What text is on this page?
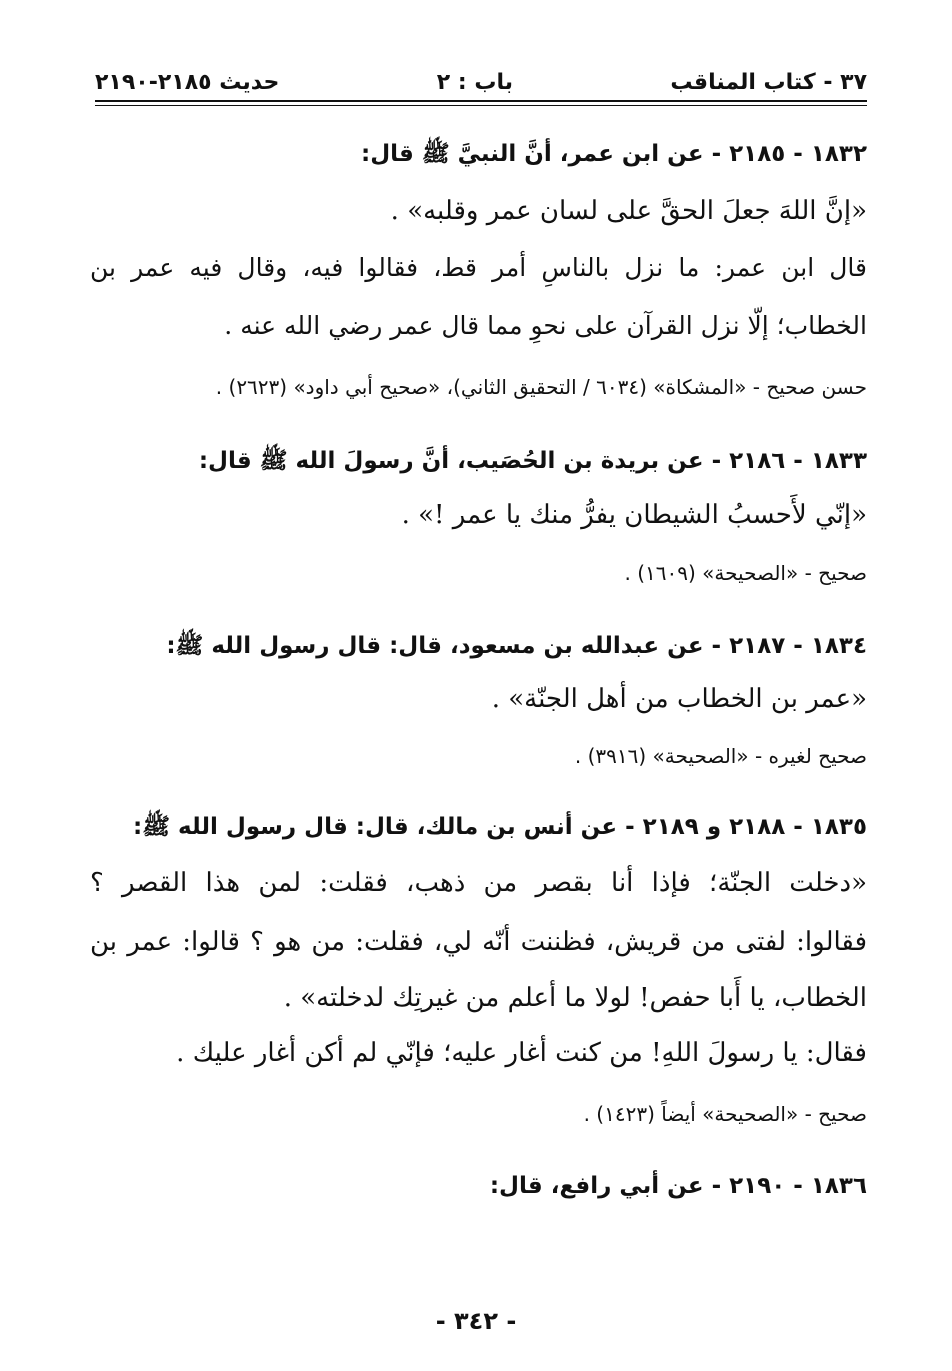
٣٧ - كتاب المناقب
باب : ٢
حديث ٢١٨٥-٢١٩٠
١٨٣٢ - ٢١٨٥ - عن ابن عمر، أنَّ النبيَّ ﷺ قال:
«إنَّ اللهَ جعلَ الحقَّ على لسان عمر وقلبه» .
قال ابن عمر: ما نزل بالناسِ أمر قط، فقالوا فيه، وقال فيه عمر بن
الخطاب؛ إلّا نزل القرآن على نحوِ مما قال عمر رضي الله عنه .
حسن صحيح - «المشكاة» (٦٠٣٤ / التحقيق الثاني)، «صحيح أبي داود» (٢٦٢٣) .
١٨٣٣ - ٢١٨٦ - عن بريدة بن الحُصَيب، أنَّ رسولَ الله ﷺ قال:
«إنّي لأَحسبُ الشيطان يفرُّ منك يا عمر !» .
صحيح - «الصحيحة» (١٦٠٩) .
١٨٣٤ - ٢١٨٧ - عن عبدالله بن مسعود، قال: قال رسول الله ﷺ:
«عمر بن الخطاب من أهل الجنّة» .
صحيح لغيره - «الصحيحة» (٣٩١٦) .
١٨٣٥ - ٢١٨٨ و ٢١٨٩ - عن أنس بن مالك، قال: قال رسول الله ﷺ:
«دخلت الجنّة؛ فإذا أنا بقصر من ذهب، فقلت: لمن هذا القصر ؟
فقالوا: لفتى من قريش، فظننت أنّه لي، فقلت: من هو ؟ قالوا: عمر بن
الخطاب، يا أَبا حفص! لولا ما أعلم من غيرتِك لدخلته» .
فقال: يا رسولَ اللهِ! من كنت أغار عليه؛ فإنّي لم أكن أغار عليك .
صحيح - «الصحيحة» أيضاً (١٤٢٣) .
١٨٣٦ - ٢١٩٠ - عن أبي رافع، قال:
- ٣٤٢ -
